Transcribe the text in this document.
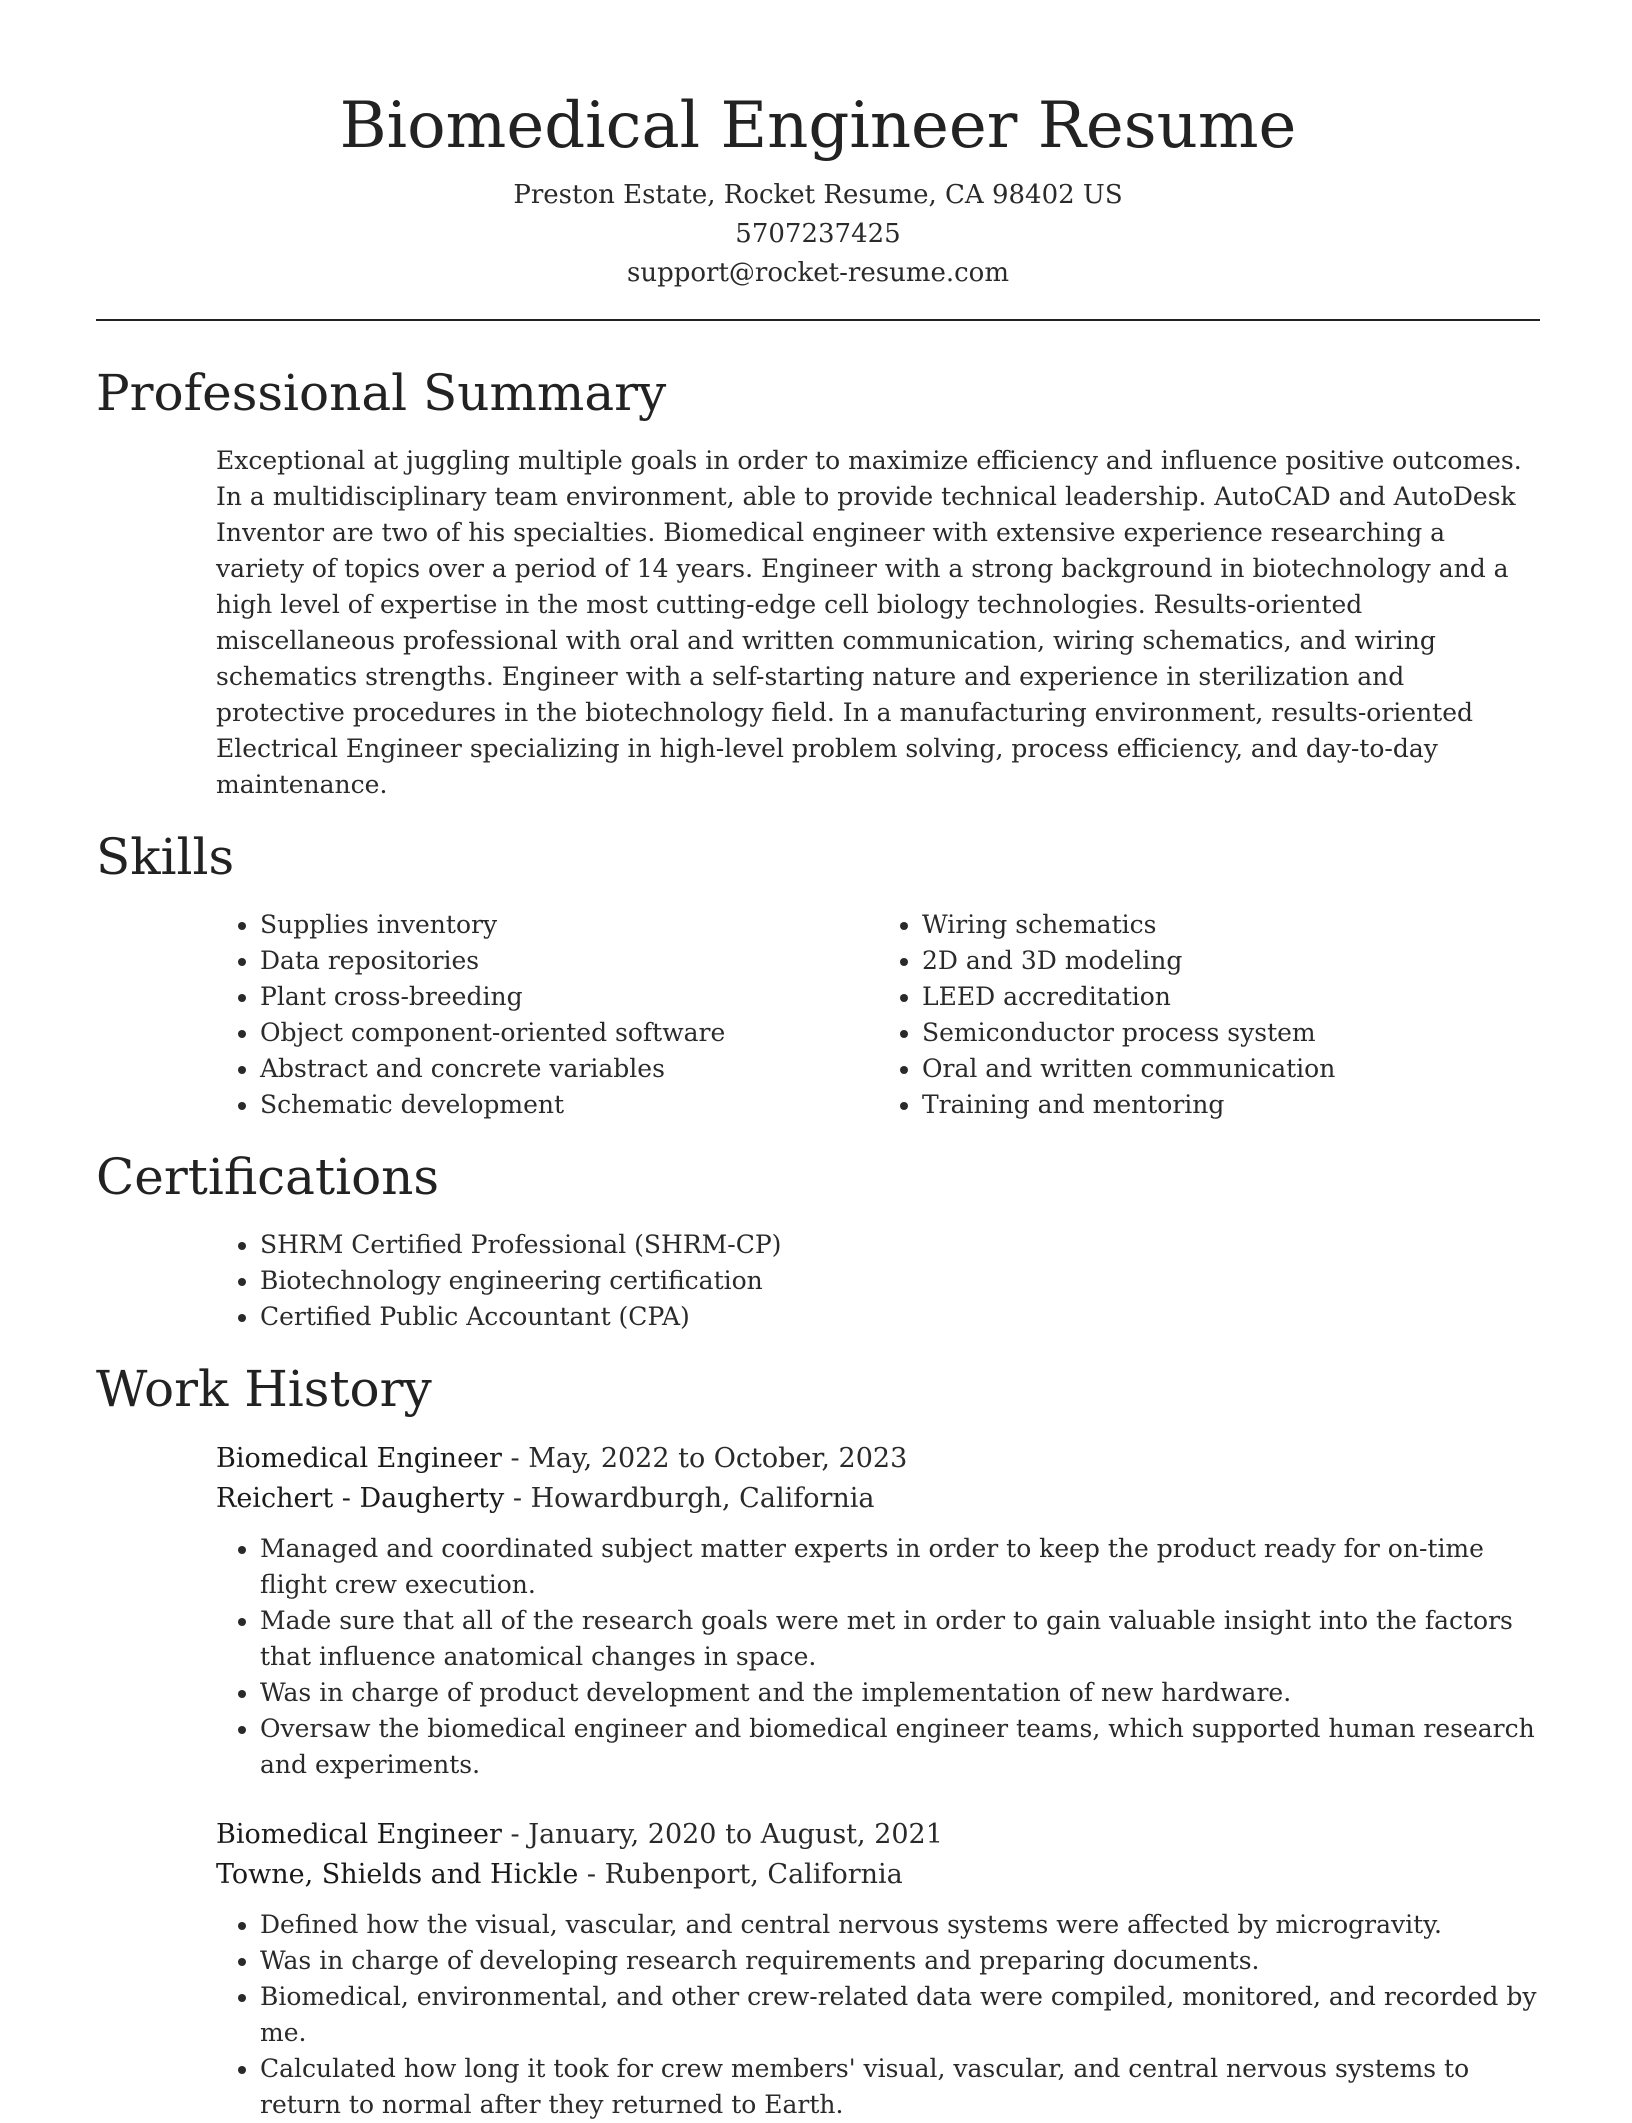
Biomedical Engineer Resume
Preston Estate, Rocket Resume, CA 98402 US
5707237425
support@rocket-resume.com
Professional Summary

Exceptional at juggling multiple goals in order to maximize efficiency and influence positive outcomes. In a multidisciplinary team environment, able to provide technical leadership. AutoCAD and AutoDesk Inventor are two of his specialties. Biomedical engineer with extensive experience researching a variety of topics over a period of 14 years. Engineer with a strong background in biotechnology and a high level of expertise in the most cutting-edge cell biology technologies. Results-oriented miscellaneous professional with oral and written communication, wiring schematics, and wiring schematics strengths. Engineer with a self-starting nature and experience in sterilization and protective procedures in the biotechnology field. In a manufacturing environment, results-oriented Electrical Engineer specializing in high-level problem solving, process efficiency, and day-to-day maintenance.

Skills
• Supplies inventory
• Data repositories
• Plant cross-breeding
• Object component-oriented software
• Abstract and concrete variables
• Schematic development
• Wiring schematics
• 2D and 3D modeling
• LEED accreditation
• Semiconductor process system
• Oral and written communication
• Training and mentoring
Certifications
• SHRM Certified Professional (SHRM-CP)
• Biotechnology engineering certification
• Certified Public Accountant (CPA)
Work History
Biomedical Engineer - May, 2022 to October, 2023
Reichert - Daugherty - Howardburgh, California
• Managed and coordinated subject matter experts in order to keep the product ready for on-time flight crew execution.
• Made sure that all of the research goals were met in order to gain valuable insight into the factors that influence anatomical changes in space.
• Was in charge of product development and the implementation of new hardware.
• Oversaw the biomedical engineer and biomedical engineer teams, which supported human research and experiments.
Biomedical Engineer - January, 2020 to August, 2021
Towne, Shields and Hickle - Rubenport, California
• Defined how the visual, vascular, and central nervous systems were affected by microgravity.
• Was in charge of developing research requirements and preparing documents.
• Biomedical, environmental, and other crew-related data were compiled, monitored, and recorded by me.
• Calculated how long it took for crew members' visual, vascular, and central nervous systems to return to normal after they returned to Earth.
